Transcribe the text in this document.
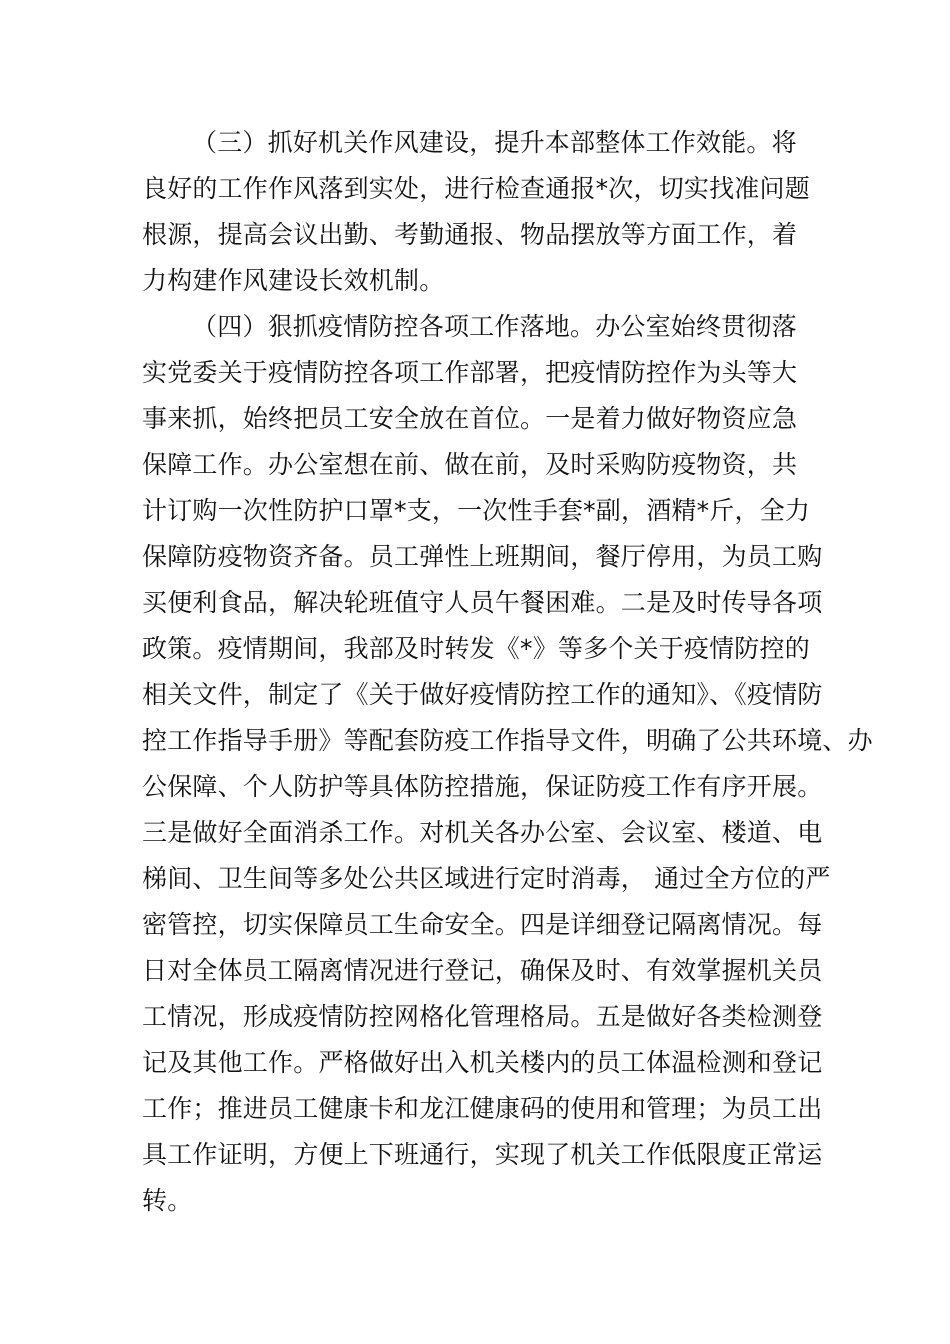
（三）抓好机关作风建设，提升本部整体工作效能。将
良好的工作作风落到实处，进行检查通报*次，切实找准问题
根源，提高会议出勤、考勤通报、物品摆放等方面工作，着
力构建作风建设长效机制。
（四）狠抓疫情防控各项工作落地。办公室始终贯彻落
实党委关于疫情防控各项工作部署，把疫情防控作为头等大
事来抓，始终把员工安全放在首位。一是着力做好物资应急
保障工作。办公室想在前、做在前，及时采购防疫物资，共
计订购一次性防护口罩*支，一次性手套*副，酒精*斤，全力
保障防疫物资齐备。员工弹性上班期间，餐厅停用，为员工购
买便利食品，解决轮班值守人员午餐困难。二是及时传导各项
政策。疫情期间，我部及时转发《*》等多个关于疫情防控的
相关文件，制定了《关于做好疫情防控工作的通知》、《疫情防
控工作指导手册》等配套防疫工作指导文件，明确了公共环境、办
公保障、个人防护等具体防控措施，保证防疫工作有序开展。
三是做好全面消杀工作。对机关各办公室、会议室、楼道、电
梯间、卫生间等多处公共区域进行定时消毒， 通过全方位的严
密管控，切实保障员工生命安全。四是详细登记隔离情况。每
日对全体员工隔离情况进行登记，确保及时、有效掌握机关员
工情况，形成疫情防控网格化管理格局。五是做好各类检测登
记及其他工作。严格做好出入机关楼内的员工体温检测和登记
工作；推进员工健康卡和龙江健康码的使用和管理；为员工出
具工作证明，方便上下班通行，实现了机关工作低限度正常运
转。
